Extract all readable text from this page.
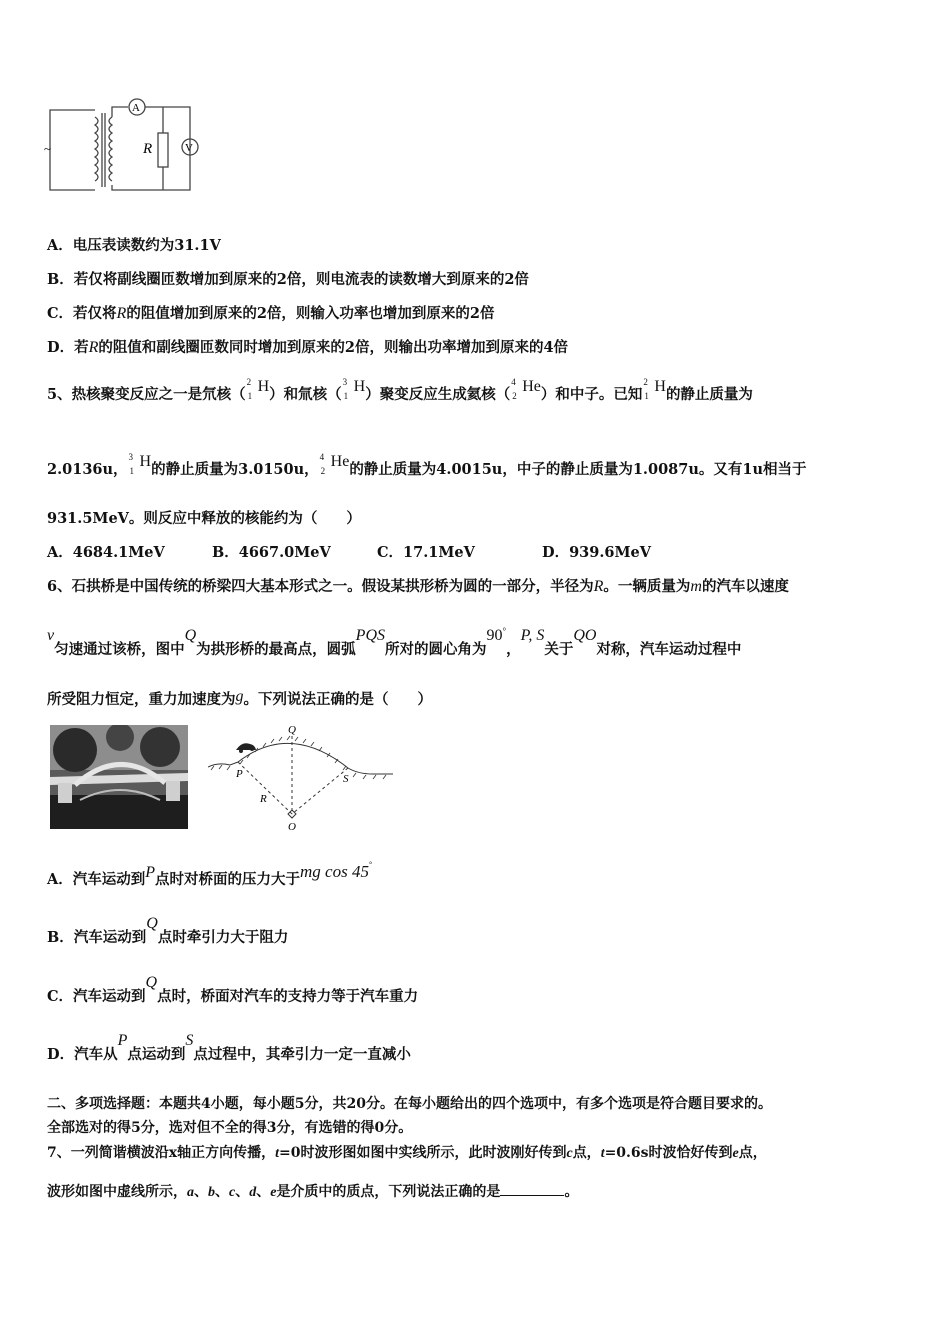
A
V
R
~
A．电压表读数约为31.1V
B．若仅将副线圈匝数增加到原来的2倍，则电流表的读数增大到原来的2倍
C．若仅将R的阻值增加到原来的2倍，则输入功率也增加到原来的2倍
D．若R的阻值和副线圈匝数同时增加到原来的2倍，则输出功率增加到原来的4倍
5、热核聚变反应之一是氘核（
2
1
H）和氚核（
3
1
H）聚变反应生成氦核（
4
2
He）和中子。已知
2
1
H的静止质量为
2.0136u，
3
1
H的静止质量为3.0150u，
4
2
He的静止质量为4.0015u，中子的静止质量为1.0087u。又有1u相当于
931.5MeV。则反应中释放的核能约为（　　）
A．4684.1MeV	B．4667.0MeV	C．17.1MeV	D．939.6MeV
6、石拱桥是中国传统的桥梁四大基本形式之一。假设某拱形桥为圆的一部分，半径为R。一辆质量为m的汽车以速度
v匀速通过该桥，图中Q为拱形桥的最高点，圆弧PQS所对的圆心角为90°，P, S关于QO对称，汽车运动过程中
所受阻力恒定，重力加速度为g。下列说法正确的是（　　）
Q
P	S
R
O
A．汽车运动到P点时对桥面的压力大于mg cos 45°
B．汽车运动到Q点时牵引力大于阻力
C．汽车运动到Q点时，桥面对汽车的支持力等于汽车重力
D．汽车从P点运动到S点过程中，其牵引力一定一直减小
二、多项选择题：本题共4小题，每小题5分，共20分。在每小题给出的四个选项中，有多个选项是符合题目要求的。
全部选对的得5分，选对但不全的得3分，有选错的得0分。
7、一列简谐横波沿x轴正方向传播，t=0时波形图如图中实线所示，此时波刚好传到c点，t=0.6s时波恰好传到e点，
波形如图中虚线所示，a、b、c、d、e是介质中的质点，下列说法正确的是	。
